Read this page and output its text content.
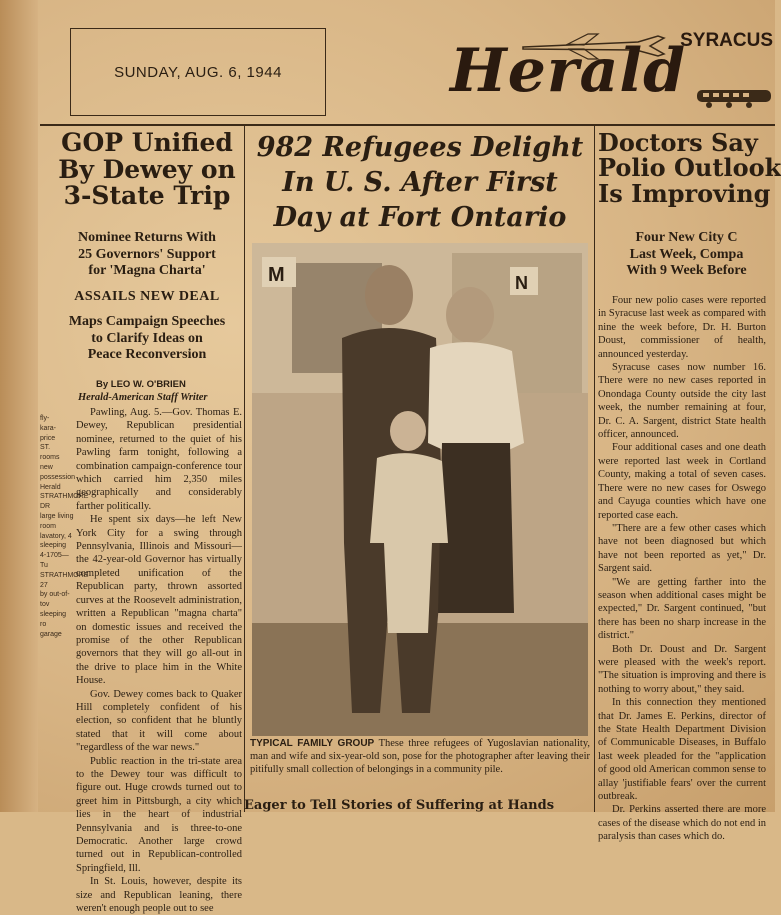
SUNDAY, AUG. 6, 1944	Herald
SYRACUS
GOP Unified
By Dewey on
3-State Trip
Nominee Returns With
25 Governors' Support
for 'Magna Charta'
ASSAILS NEW DEAL
Maps Campaign Speeches
to Clarify Ideas on
Peace Reconversion
By LEO W. O'BRIEN
Herald-American Staff Writer
fly-
kara-
price
ST.
rooms
new
possession
Herald
STRATHMORE DR
large living room
lavatory, 4 sleeping
4-1705—Tu
STRATHMORE 27
by out-of-tov
sleeping ro
garage

Pawling, Aug. 5.—Gov. Thomas E. Dewey, Republican presidential nominee, returned to the quiet of his Pawling farm tonight, following a combination campaign-conference tour which carried him 2,350 miles geographically and considerably farther politically.

He spent six days—he left New York City for a swing through Pennsylvania, Illinois and Missouri—the 42-year-old Governor has virtually completed unification of the Republican party, thrown assorted curves at the Roosevelt administration, written a Republican "magna charta" on domestic issues and received the promise of the other Republican governors that they will go all-out in the drive to place him in the White House.

Gov. Dewey comes back to Quaker Hill completely confident of his election, so confident that he bluntly stated that it will come about "regardless of the war news."

Public reaction in the tri-state area to the Dewey tour was difficult to figure out. Huge crowds turned out to greet him in Pittsburgh, a city which lies in the heart of industrial Pennsylvania and is three-to-one Democratic. Another large crowd turned out in Republican-controlled Springfield, Ill.

In St. Louis, however, despite its size and Republican leaning, there weren't enough people out to see

982 Refugees Delight
In U. S. After First
Day at Fort Ontario
M	N
TYPICAL FAMILY GROUP These three refugees of Yugoslavian nationality, man and wife and six-year-old son, pose for the photographer after leaving their pitifully small collection of belongings in a community pile.
Eager to Tell Stories of Suffering at Hands
Doctors Say
Polio Outlook
Is Improving
Four New City C
Last Week, Compa
With 9 Week Before

Four new polio cases were reported in Syracuse last week as compared with nine the week before, Dr. H. Burton Doust, commissioner of health, announced yesterday.

Syracuse cases now number 16. There were no new cases reported in Onondaga County outside the city last week, the number remaining at four, Dr. C. A. Sargent, district State health officer, announced.

Four additional cases and one death were reported last week in Cortland County, making a total of seven cases. There were no new cases for Oswego and Cayuga counties which have one reported case each.

"There are a few other cases which have not been diagnosed but which have not been reported as yet," Dr. Sargent said.

"We are getting farther into the season when additional cases might be expected," Dr. Sargent continued, "but there has been no sharp increase in the district."

Both Dr. Doust and Dr. Sargent were pleased with the week's report. "The situation is improving and there is nothing to worry about," they said.

In this connection they mentioned that Dr. James E. Perkins, director of the State Health Department Division of Communicable Diseases, in Buffalo last week pleaded for the "application of good old American common sense to allay 'justifiable fears' over the current outbreak.

Dr. Perkins asserted there are more cases of the disease which do not end in paralysis than cases which do.
